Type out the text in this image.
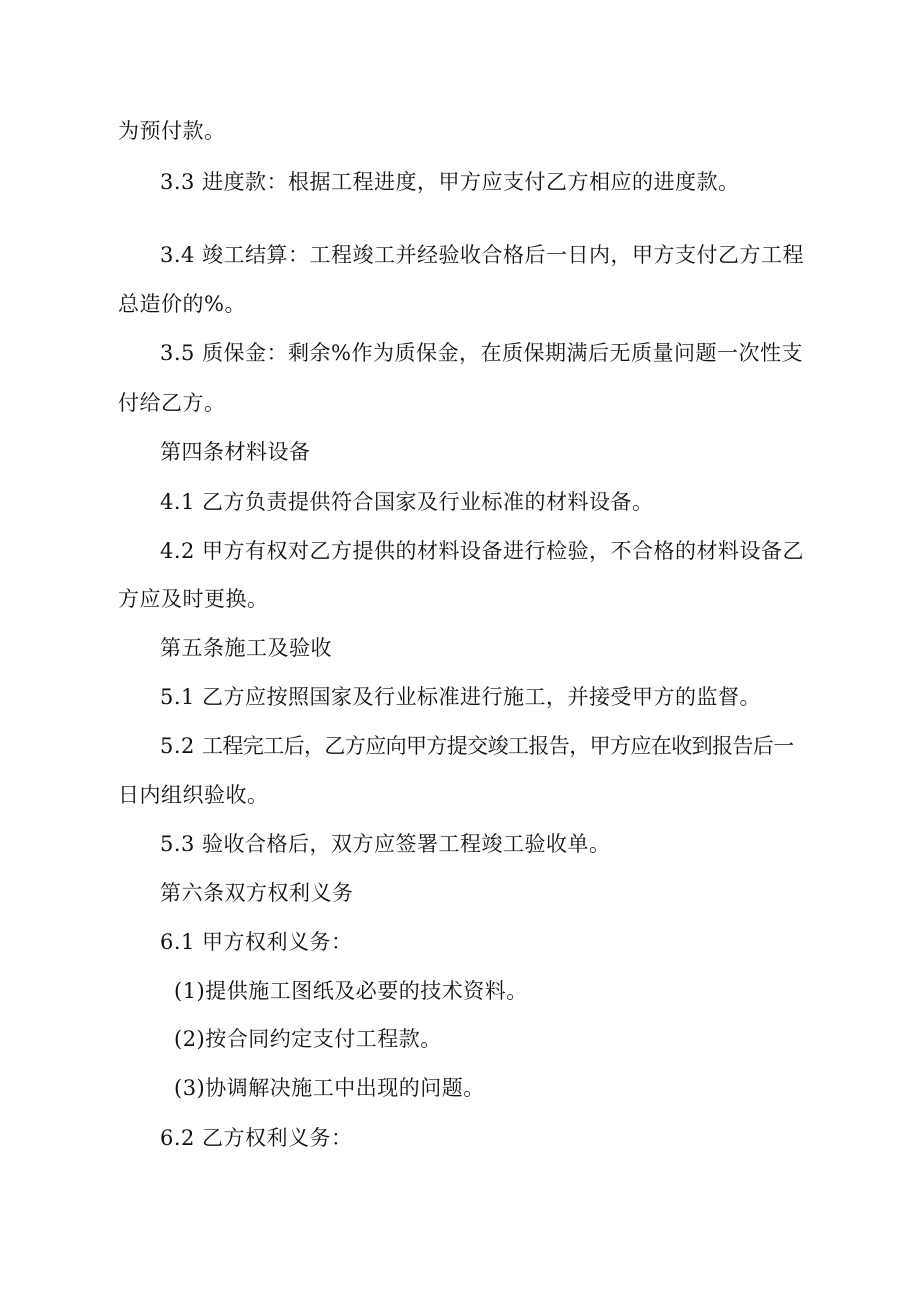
为预付款。
3.3 进度款：根据工程进度，甲方应支付乙方相应的进度款。
3.4 竣工结算：工程竣工并经验收合格后一日内，甲方支付乙方工程
总造价的%。
3.5 质保金：剩余%作为质保金，在质保期满后无质量问题一次性支
付给乙方。
第四条材料设备
4.1 乙方负责提供符合国家及行业标准的材料设备。
4.2 甲方有权对乙方提供的材料设备进行检验，不合格的材料设备乙
方应及时更换。
第五条施工及验收
5.1 乙方应按照国家及行业标准进行施工，并接受甲方的监督。
5.2 工程完工后，乙方应向甲方提交竣工报告，甲方应在收到报告后一
日内组织验收。
5.3 验收合格后，双方应签署工程竣工验收单。
第六条双方权利义务
6.1 甲方权利义务：
(1)提供施工图纸及必要的技术资料。
(2)按合同约定支付工程款。
(3)协调解决施工中出现的问题。
6.2 乙方权利义务：
